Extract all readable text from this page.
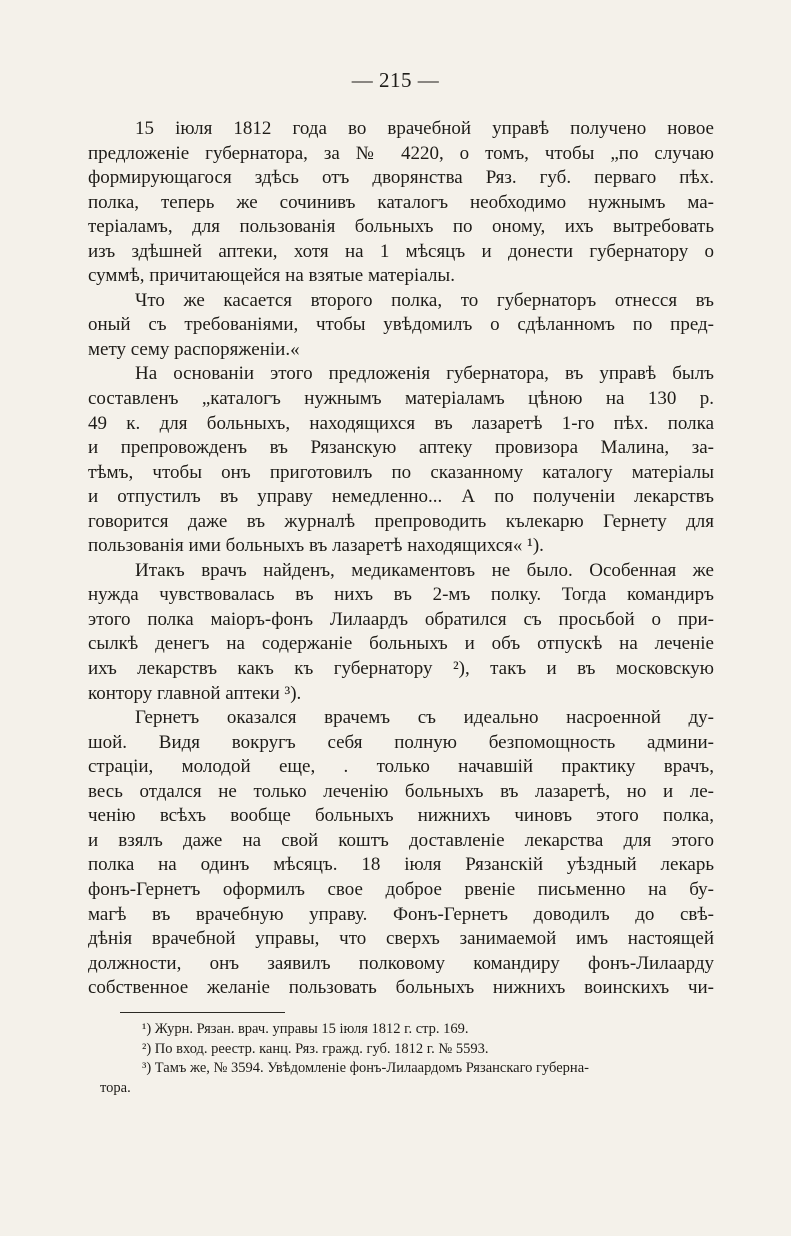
— 215 —
15 іюля 1812 года во врачебной управѣ получено новое
предложеніе губернатора, за № 4220, о томъ, чтобы „по случаю
формирующагося здѣсь отъ дворянства Ряз. губ. перваго пѣх.
полка, теперь же сочинивъ каталогъ необходимо нужнымъ ма-
теріаламъ, для пользованія больныхъ по оному, ихъ вытребовать
изъ здѣшней аптеки, хотя на 1 мѣсяцъ и донести губернатору о
суммѣ, причитающейся на взятые матеріалы.
Что же касается второго полка, то губернаторъ отнесся въ
оный съ требованіями, чтобы увѣдомилъ о сдѣланномъ по пред-
мету сему распоряженіи.«
На основаніи этого предложенія губернатора, въ управѣ былъ
составленъ „каталогъ нужнымъ матеріаламъ цѣною на 130 р.
49 к. для больныхъ, находящихся въ лазаретѣ 1-го пѣх. полка
и препровожденъ въ Рязанскую аптеку провизора Малина, за-
тѣмъ, чтобы онъ приготовилъ по сказанному каталогу матеріалы
и отпустилъ въ управу немедленно... А по полученіи лекарствъ
говорится даже въ журналѣ препроводить кълекарю Гернету для
пользованія ими больныхъ въ лазаретѣ находящихся« ¹).
Итакъ врачъ найденъ, медикаментовъ не было. Особенная же
нужда чувствовалась въ нихъ въ 2-мъ полку. Тогда командиръ
этого полка маіоръ-фонъ Лилаардъ обратился съ просьбой о при-
сылкѣ денегъ на содержаніе больныхъ и объ отпускѣ на леченіе
ихъ лекарствъ какъ къ губернатору ²), такъ и въ московскую
контору главной аптеки ³).
Гернетъ оказался врачемъ съ идеально насроенной ду-
шой. Видя вокругъ себя полную безпомощность админи-
страціи, молодой еще, . только начавшій практику врачъ,
весь отдался не только леченію больныхъ въ лазаретѣ, но и ле-
ченію всѣхъ вообще больныхъ нижнихъ чиновъ этого полка,
и взялъ даже на свой коштъ доставленіе лекарства для этого
полка на одинъ мѣсяцъ. 18 іюля Рязанскій уѣздный лекарь
фонъ-Гернетъ оформилъ свое доброе рвеніе письменно на бу-
магѣ въ врачебную управу. Фонъ-Гернетъ доводилъ до свѣ-
дѣнія врачебной управы, что сверхъ занимаемой имъ настоящей
должности, онъ заявилъ полковому командиру фонъ-Лилаарду
собственное желаніе пользовать больныхъ нижнихъ воинскихъ чи-
¹) Журн. Рязан. врач. управы 15 іюля 1812 г. стр. 169.
²) По вход. реестр. канц. Ряз. гражд. губ. 1812 г. № 5593.
³) Тамъ же, № 3594. Увѣдомленіе фонъ-Лилаардомъ Рязанскаго губерна-
тора.
